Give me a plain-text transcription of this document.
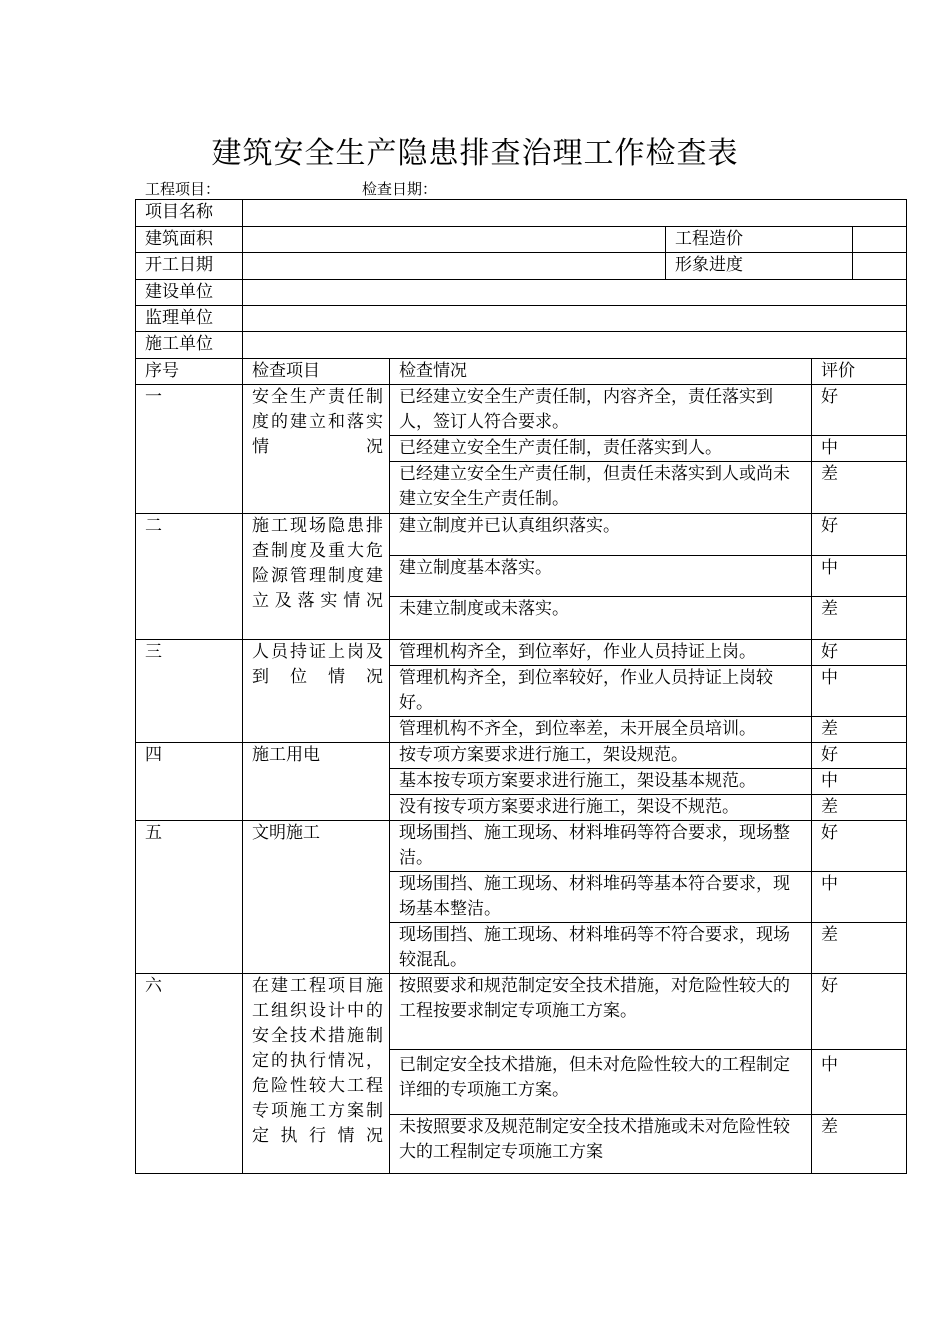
建筑安全生产隐患排查治理工作检查表
工程项目：	检查日期：
项目名称				
建筑面积			工程造价	

开工日期			形象进度	

建设单位				
监理单位				
施工单位				
序号	检查项目	检查情况		评价
一	安全生产责任制度的建立和落实情况	已经建立安全生产责任制，内容齐全，责任落实到人，签订人符合要求。		好
		已经建立安全生产责任制，责任落实到人。		中
		已经建立安全生产责任制，但责任未落实到人或尚未建立安全生产责任制。		差
二	施工现场隐患排查制度及重大危险源管理制度建立及落实情况	建立制度并已认真组织落实。		好
		建立制度基本落实。		中
		未建立制度或未落实。		差
三	人员持证上岗及到位情况	管理机构齐全，到位率好，作业人员持证上岗。		好
		管理机构齐全，到位率较好，作业人员持证上岗较好。		中
		管理机构不齐全，到位率差，未开展全员培训。		差
四	施工用电	按专项方案要求进行施工，架设规范。		好
		基本按专项方案要求进行施工，架设基本规范。		中
		没有按专项方案要求进行施工，架设不规范。		差
五	文明施工	现场围挡、施工现场、材料堆码等符合要求，现场整洁。		好
		现场围挡、施工现场、材料堆码等基本符合要求，现场基本整洁。		中
		现场围挡、施工现场、材料堆码等不符合要求，现场较混乱。		差
六	在建工程项目施工组织设计中的安全技术措施制定的执行情况，危险性较大工程专项施工方案制定执行情况	按照要求和规范制定安全技术措施，对危险性较大的工程按要求制定专项施工方案。		好
		已制定安全技术措施，但未对危险性较大的工程制定详细的专项施工方案。		中
		未按照要求及规范制定安全技术措施或未对危险性较大的工程制定专项施工方案		差
